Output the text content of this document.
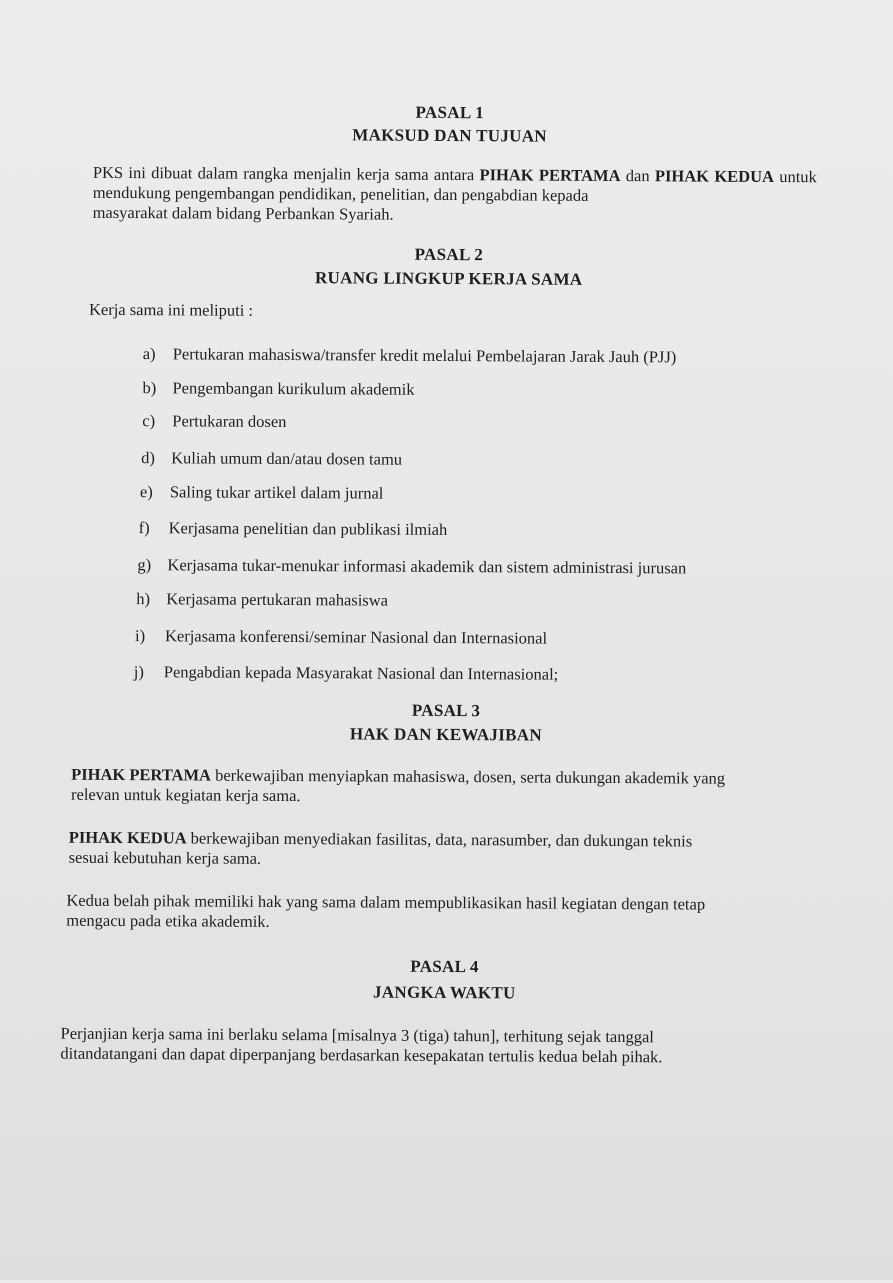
PASAL 1
MAKSUD DAN TUJUAN

PKS ini dibuat dalam rangka menjalin kerja sama antara PIHAK PERTAMA dan PIHAK KEDUA untuk mendukung pengembangan pendidikan, penelitian, dan pengabdian kepada
masyarakat dalam bidang Perbankan Syariah.

PASAL 2
RUANG LINGKUP KERJA SAMA

Kerja sama ini meliputi :

a) Pertukaran mahasiswa/transfer kredit melalui Pembelajaran Jarak Jauh (PJJ)
b) Pengembangan kurikulum akademik
c) Pertukaran dosen
d) Kuliah umum dan/atau dosen tamu
e) Saling tukar artikel dalam jurnal
f) Kerjasama penelitian dan publikasi ilmiah
g) Kerjasama tukar-menukar informasi akademik dan sistem administrasi jurusan
h) Kerjasama pertukaran mahasiswa
i) Kerjasama konferensi/seminar Nasional dan Internasional
j) Pengabdian kepada Masyarakat Nasional dan Internasional;
PASAL 3
HAK DAN KEWAJIBAN

PIHAK PERTAMA berkewajiban menyiapkan mahasiswa, dosen, serta dukungan akademik yang
relevan untuk kegiatan kerja sama.

PIHAK KEDUA berkewajiban menyediakan fasilitas, data, narasumber, dan dukungan teknis
sesuai kebutuhan kerja sama.

Kedua belah pihak memiliki hak yang sama dalam mempublikasikan hasil kegiatan dengan tetap
mengacu pada etika akademik.

PASAL 4
JANGKA WAKTU

Perjanjian kerja sama ini berlaku selama [misalnya 3 (tiga) tahun], terhitung sejak tanggal
ditandatangani dan dapat diperpanjang berdasarkan kesepakatan tertulis kedua belah pihak.
